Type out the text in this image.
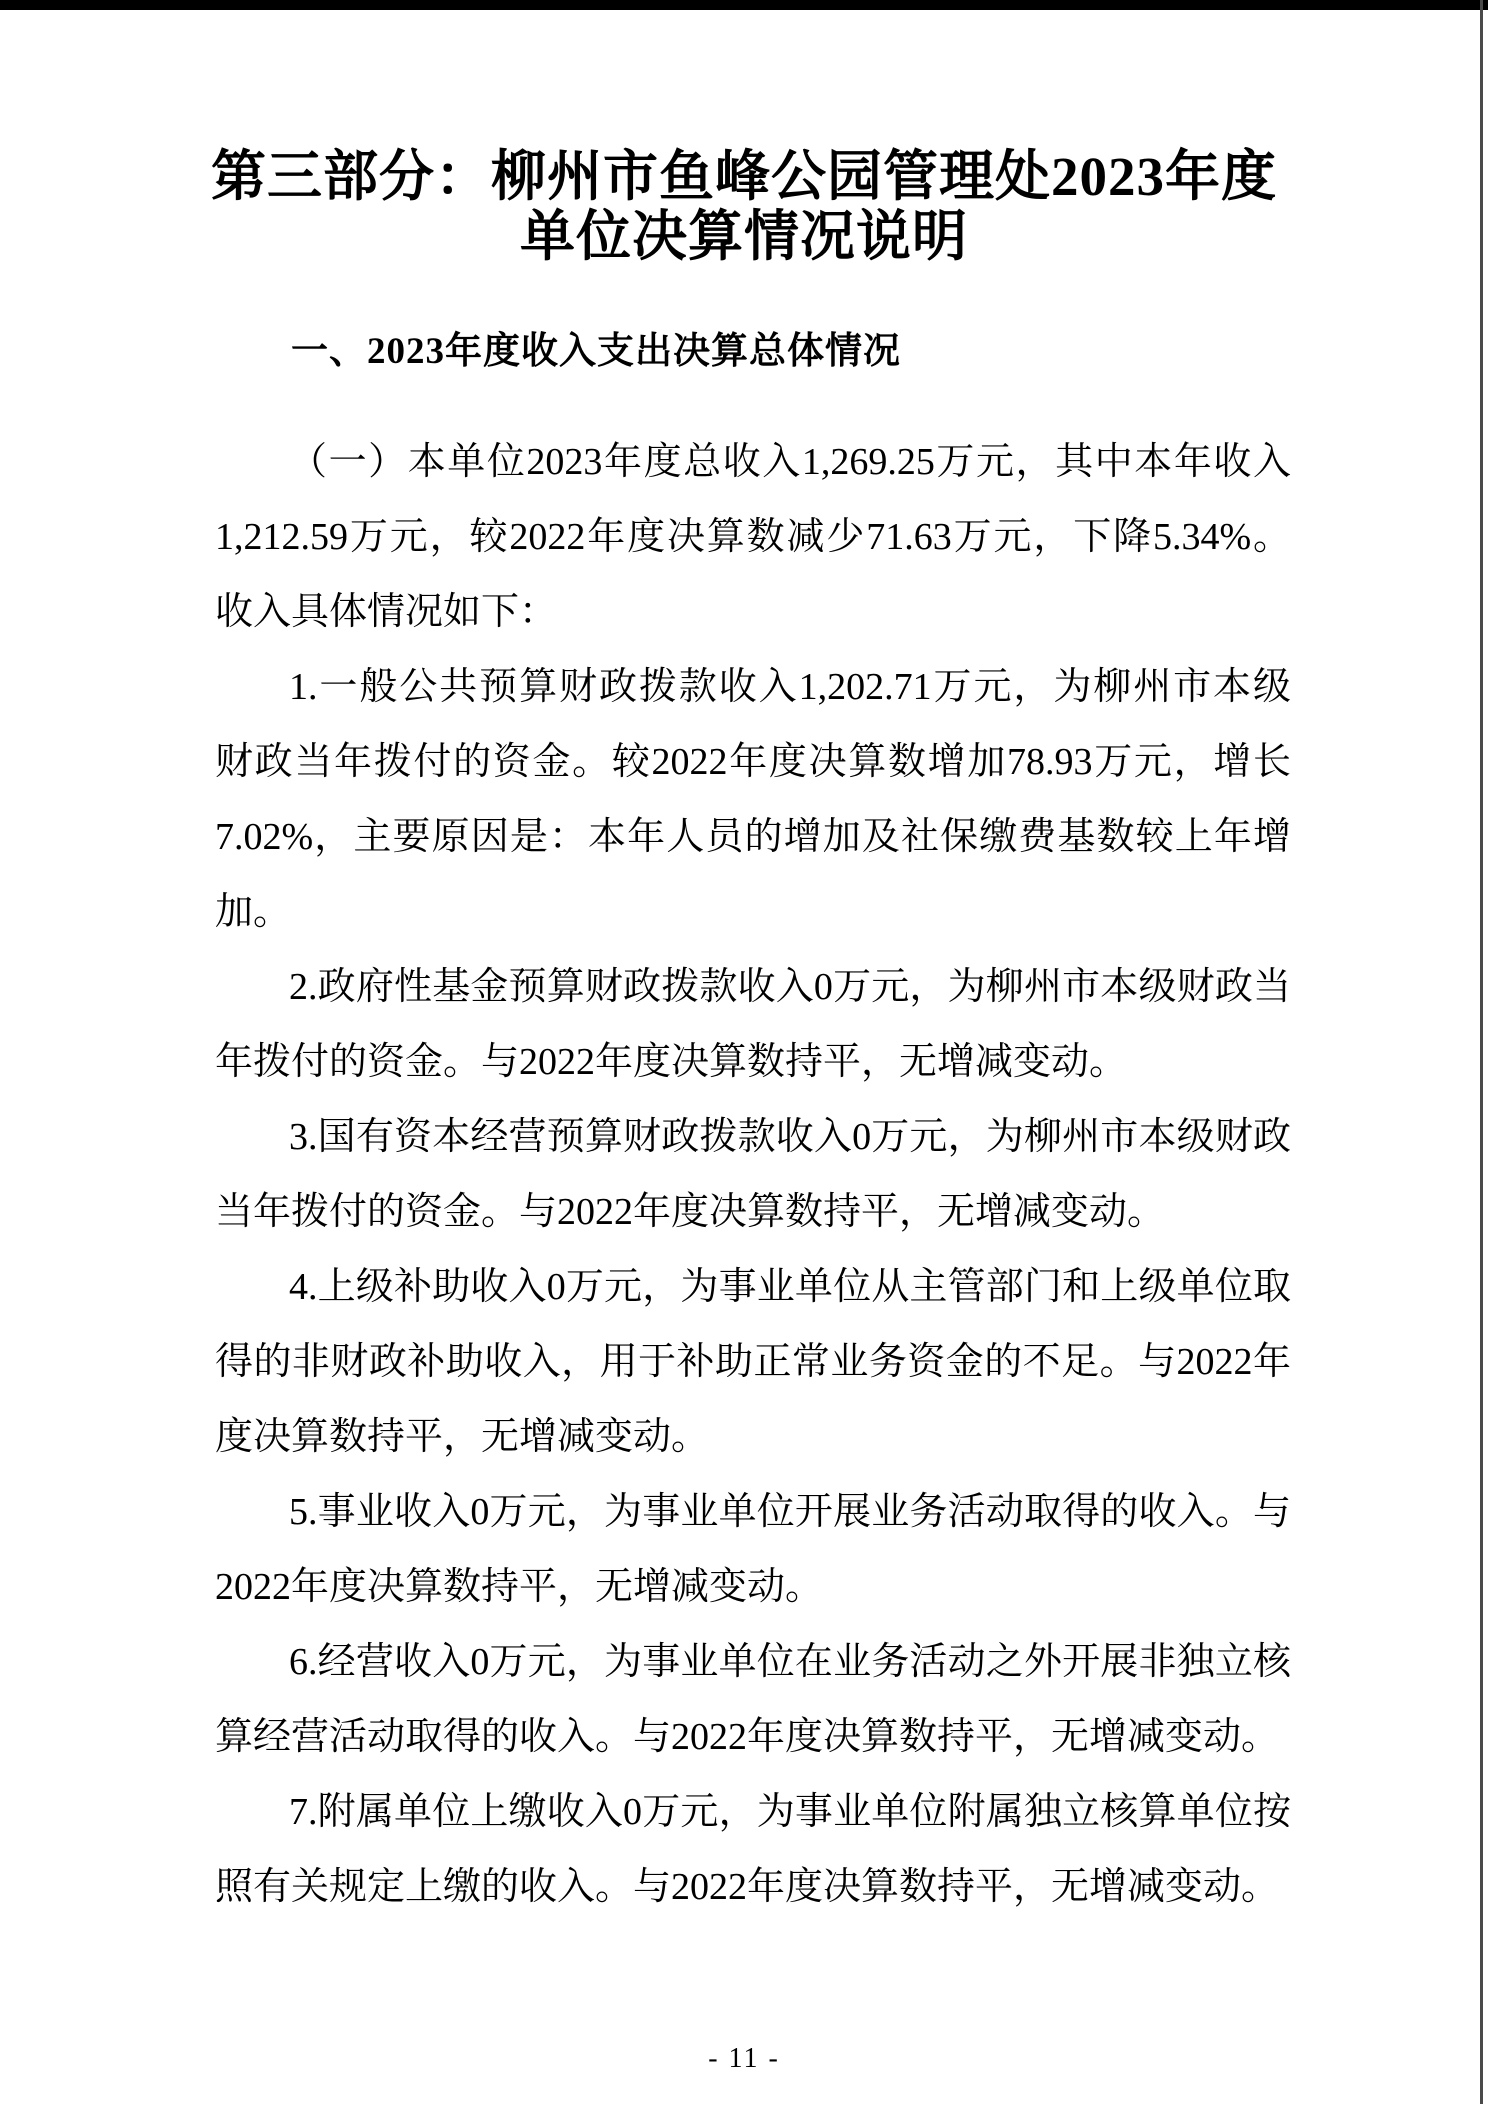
第三部分：柳州市鱼峰公园管理处2023年度
单位决算情况说明
一、2023年度收入支出决算总体情况
（一）本单位2023年度总收入1,269.25万元，其中本年收入
1,212.59万元，较2022年度决算数减少71.63万元，下降5.34%。
收入具体情况如下：
1.一般公共预算财政拨款收入1,202.71万元，为柳州市本级
财政当年拨付的资金。较2022年度决算数增加78.93万元，增长
7.02%，主要原因是：本年人员的增加及社保缴费基数较上年增
加。
2.政府性基金预算财政拨款收入0万元，为柳州市本级财政当
年拨付的资金。与2022年度决算数持平，无增减变动。
3.国有资本经营预算财政拨款收入0万元，为柳州市本级财政
当年拨付的资金。与2022年度决算数持平，无增减变动。
4.上级补助收入0万元，为事业单位从主管部门和上级单位取
得的非财政补助收入，用于补助正常业务资金的不足。与2022年
度决算数持平，无增减变动。
5.事业收入0万元，为事业单位开展业务活动取得的收入。与
2022年度决算数持平，无增减变动。
6.经营收入0万元，为事业单位在业务活动之外开展非独立核
算经营活动取得的收入。与2022年度决算数持平，无增减变动。
7.附属单位上缴收入0万元，为事业单位附属独立核算单位按
照有关规定上缴的收入。与2022年度决算数持平，无增减变动。
- 11 -
